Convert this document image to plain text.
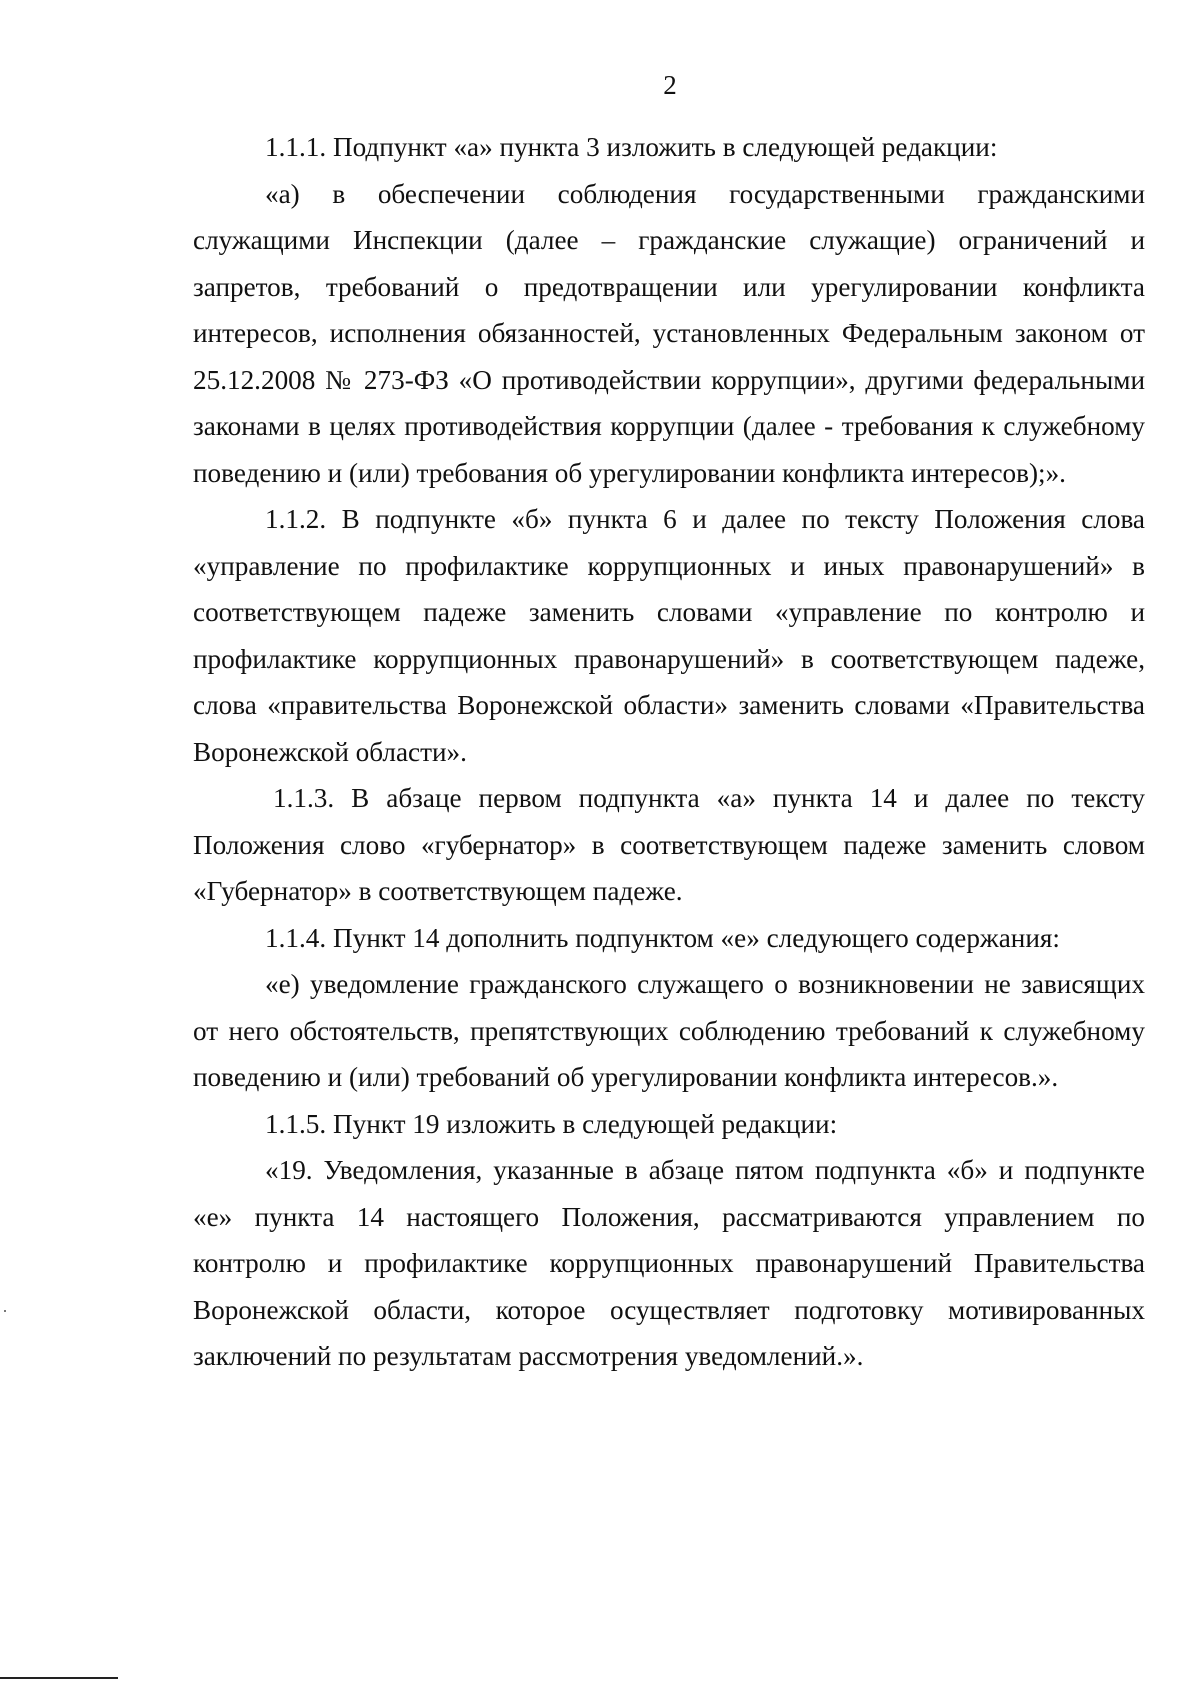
2

1.1.1. Подпункт «а» пункта 3 изложить в следующей редакции:

«а) в обеспечении соблюдения государственными гражданскими служащими Инспекции (далее – гражданские служащие) ограничений и запретов, требований о предотвращении или урегулировании конфликта интересов, исполнения обязанностей, установленных Федеральным законом от 25.12.2008 № 273-ФЗ «О противодействии коррупции», другими федеральными законами в целях противодействия коррупции (далее - требования к служебному поведению и (или) требования об урегулировании конфликта интересов);».

1.1.2. В подпункте «б» пункта 6 и далее по тексту Положения слова «управление по профилактике коррупционных и иных правонарушений» в соответствующем падеже заменить словами «управление по контролю и профилактике коррупционных правонарушений» в соответствующем падеже, слова «правительства Воронежской области» заменить словами «Правительства Воронежской области».

1.1.3. В абзаце первом подпункта «а» пункта 14 и далее по тексту Положения слово «губернатор» в соответствующем падеже заменить словом «Губернатор» в соответствующем падеже.

1.1.4. Пункт 14 дополнить подпунктом «е» следующего содержания:

«е) уведомление гражданского служащего о возникновении не зависящих от него обстоятельств, препятствующих соблюдению требований к служебному поведению и (или) требований об урегулировании конфликта интересов.».

1.1.5. Пункт 19 изложить в следующей редакции:

«19. Уведомления, указанные в абзаце пятом подпункта «б» и подпункте «е» пункта 14 настоящего Положения, рассматриваются управлением по контролю и профилактике коррупционных правонарушений Правительства Воронежской области, которое осуществляет подготовку мотивированных заключений по результатам рассмотрения уведомлений.».
